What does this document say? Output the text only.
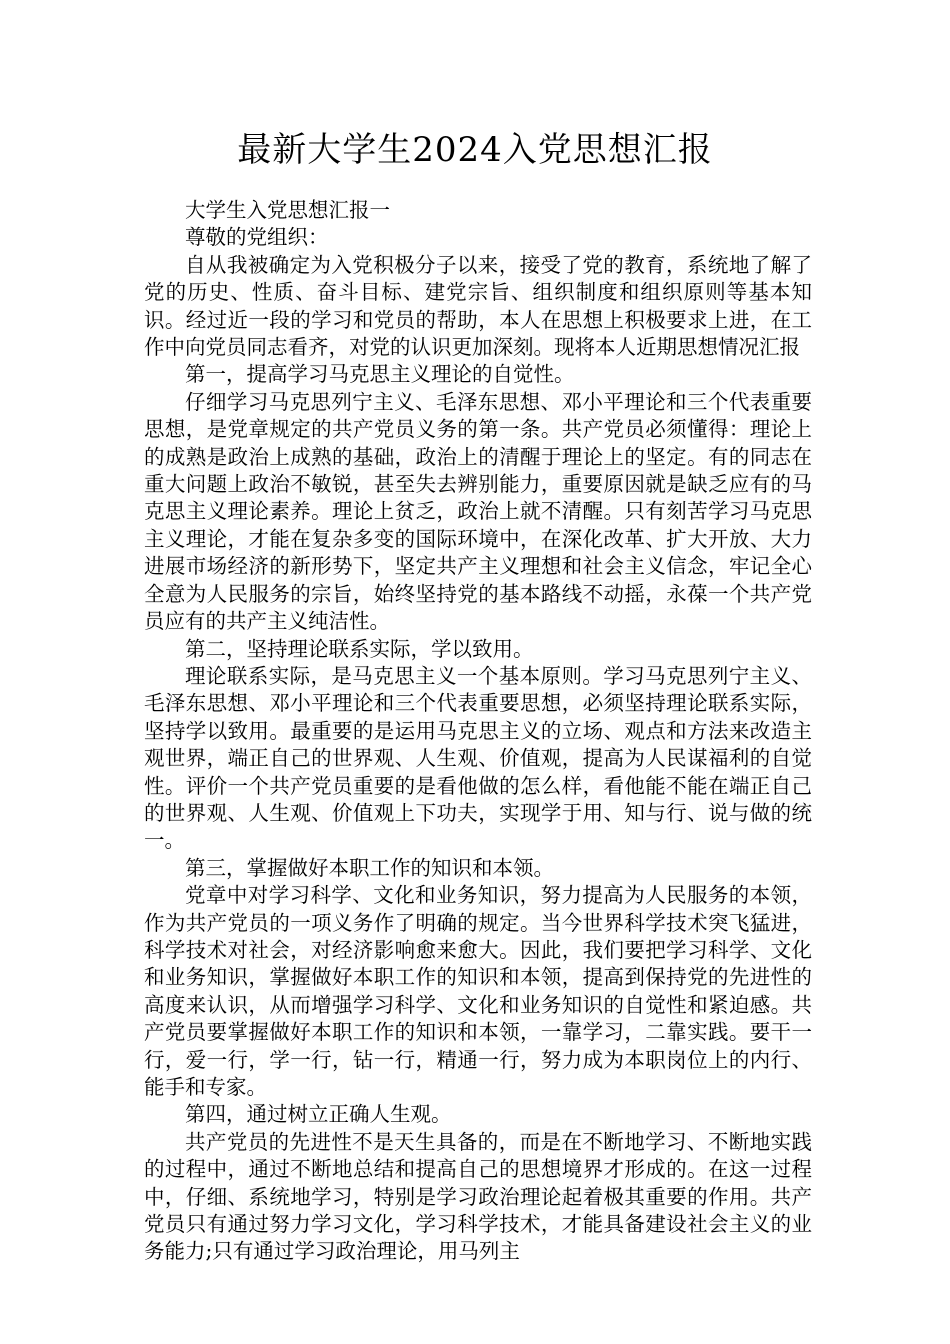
最新大学生2024入党思想汇报

大学生入党思想汇报一

尊敬的党组织：

自从我被确定为入党积极分子以来，接受了党的教育，系统地了解了党的历史、性质、奋斗目标、建党宗旨、组织制度和组织原则等基本知识。经过近一段的学习和党员的帮助，本人在思想上积极要求上进，在工作中向党员同志看齐，对党的认识更加深刻。现将本人近期思想情况汇报

第一，提高学习马克思主义理论的自觉性。

仔细学习马克思列宁主义、毛泽东思想、邓小平理论和三个代表重要思想，是党章规定的共产党员义务的第一条。共产党员必须懂得：理论上的成熟是政治上成熟的基础，政治上的清醒于理论上的坚定。有的同志在重大问题上政治不敏锐，甚至失去辨别能力，重要原因就是缺乏应有的马克思主义理论素养。理论上贫乏，政治上就不清醒。只有刻苦学习马克思主义理论，才能在复杂多变的国际环境中，在深化改革、扩大开放、大力进展市场经济的新形势下，坚定共产主义理想和社会主义信念，牢记全心全意为人民服务的宗旨，始终坚持党的基本路线不动摇，永葆一个共产党员应有的共产主义纯洁性。

第二，坚持理论联系实际，学以致用。

理论联系实际，是马克思主义一个基本原则。学习马克思列宁主义、毛泽东思想、邓小平理论和三个代表重要思想，必须坚持理论联系实际，坚持学以致用。最重要的是运用马克思主义的立场、观点和方法来改造主观世界，端正自己的世界观、人生观、价值观，提高为人民谋福利的自觉性。评价一个共产党员重要的是看他做的怎么样，看他能不能在端正自己的世界观、人生观、价值观上下功夫，实现学于用、知与行、说与做的统一。

第三，掌握做好本职工作的知识和本领。

党章中对学习科学、文化和业务知识，努力提高为人民服务的本领，作为共产党员的一项义务作了明确的规定。当今世界科学技术突飞猛进，科学技术对社会，对经济影响愈来愈大。因此，我们要把学习科学、文化和业务知识，掌握做好本职工作的知识和本领，提高到保持党的先进性的高度来认识，从而增强学习科学、文化和业务知识的自觉性和紧迫感。共产党员要掌握做好本职工作的知识和本领，一靠学习，二靠实践。要干一行，爱一行，学一行，钻一行，精通一行，努力成为本职岗位上的内行、能手和专家。

第四，通过树立正确人生观。

共产党员的先进性不是天生具备的，而是在不断地学习、不断地实践的过程中，通过不断地总结和提高自己的思想境界才形成的。在这一过程中，仔细、系统地学习，特别是学习政治理论起着极其重要的作用。共产党员只有通过努力学习文化，学习科学技术，才能具备建设社会主义的业务能力;只有通过学习政治理论，用马列主
